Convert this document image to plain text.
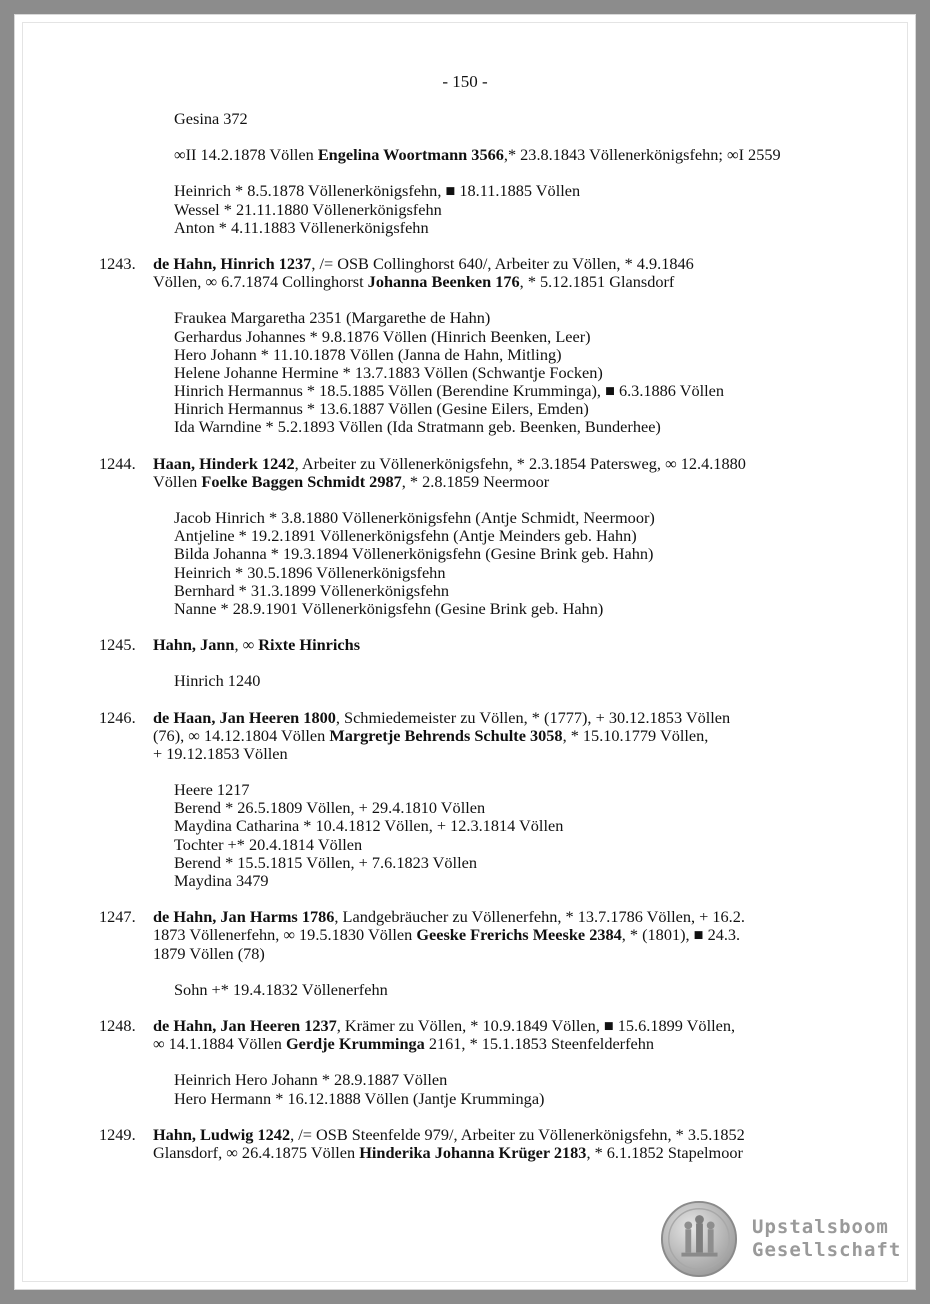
- 150 -
Gesina 372
∞II 14.2.1878 Völlen Engelina Woortmann 3566,* 23.8.1843 Völlenerkönigsfehn; ∞I 2559
Heinrich * 8.5.1878 Völlenerkönigsfehn, ■ 18.11.1885 Völlen
Wessel * 21.11.1880 Völlenerkönigsfehn
Anton * 4.11.1883 Völlenerkönigsfehn
1243. de Hahn, Hinrich 1237, /= OSB Collinghorst 640/, Arbeiter zu Völlen, * 4.9.1846
Völlen, ∞ 6.7.1874 Collinghorst Johanna Beenken 176, * 5.12.1851 Glansdorf
Fraukea Margaretha 2351 (Margarethe de Hahn)
Gerhardus Johannes * 9.8.1876 Völlen (Hinrich Beenken, Leer)
Hero Johann * 11.10.1878 Völlen (Janna de Hahn, Mitling)
Helene Johanne Hermine * 13.7.1883 Völlen (Schwantje Focken)
Hinrich Hermannus * 18.5.1885 Völlen (Berendine Krumminga), ■ 6.3.1886 Völlen
Hinrich Hermannus * 13.6.1887 Völlen (Gesine Eilers, Emden)
Ida Warndine * 5.2.1893 Völlen (Ida Stratmann geb. Beenken, Bunderhee)
1244. Haan, Hinderk 1242, Arbeiter zu Völlenerkönigsfehn, * 2.3.1854 Patersweg, ∞ 12.4.1880
Völlen Foelke Baggen Schmidt 2987, * 2.8.1859 Neermoor
Jacob Hinrich * 3.8.1880 Völlenerkönigsfehn (Antje Schmidt, Neermoor)
Antjeline * 19.2.1891 Völlenerkönigsfehn (Antje Meinders geb. Hahn)
Bilda Johanna * 19.3.1894 Völlenerkönigsfehn (Gesine Brink geb. Hahn)
Heinrich * 30.5.1896 Völlenerkönigsfehn
Bernhard * 31.3.1899 Völlenerkönigsfehn
Nanne * 28.9.1901 Völlenerkönigsfehn (Gesine Brink geb. Hahn)
1245. Hahn, Jann, ∞ Rixte Hinrichs
Hinrich 1240
1246. de Haan, Jan Heeren 1800, Schmiedemeister zu Völlen, * (1777), + 30.12.1853 Völlen
(76), ∞ 14.12.1804 Völlen Margretje Behrends Schulte 3058, * 15.10.1779 Völlen,
+ 19.12.1853 Völlen
Heere 1217
Berend * 26.5.1809 Völlen, + 29.4.1810 Völlen
Maydina Catharina * 10.4.1812 Völlen, + 12.3.1814 Völlen
Tochter +* 20.4.1814 Völlen
Berend * 15.5.1815 Völlen, + 7.6.1823 Völlen
Maydina 3479
1247. de Hahn, Jan Harms 1786, Landgebräucher zu Völlenerfehn, * 13.7.1786 Völlen, + 16.2.
1873 Völlenerfehn, ∞ 19.5.1830 Völlen Geeske Frerichs Meeske 2384, * (1801), ■ 24.3.
1879 Völlen (78)
Sohn +* 19.4.1832 Völlenerfehn
1248. de Hahn, Jan Heeren 1237, Krämer zu Völlen, * 10.9.1849 Völlen, ■ 15.6.1899 Völlen,
∞ 14.1.1884 Völlen Gerdje Krumminga 2161, * 15.1.1853 Steenfelderfehn
Heinrich Hero Johann * 28.9.1887 Völlen
Hero Hermann * 16.12.1888 Völlen (Jantje Krumminga)
1249. Hahn, Ludwig 1242, /= OSB Steenfelde 979/, Arbeiter zu Völlenerkönigsfehn, * 3.5.1852
Glansdorf, ∞ 26.4.1875 Völlen Hinderika Johanna Krüger 2183, * 6.1.1852 Stapelmoor
Upstalsboom
Gesellschaft
